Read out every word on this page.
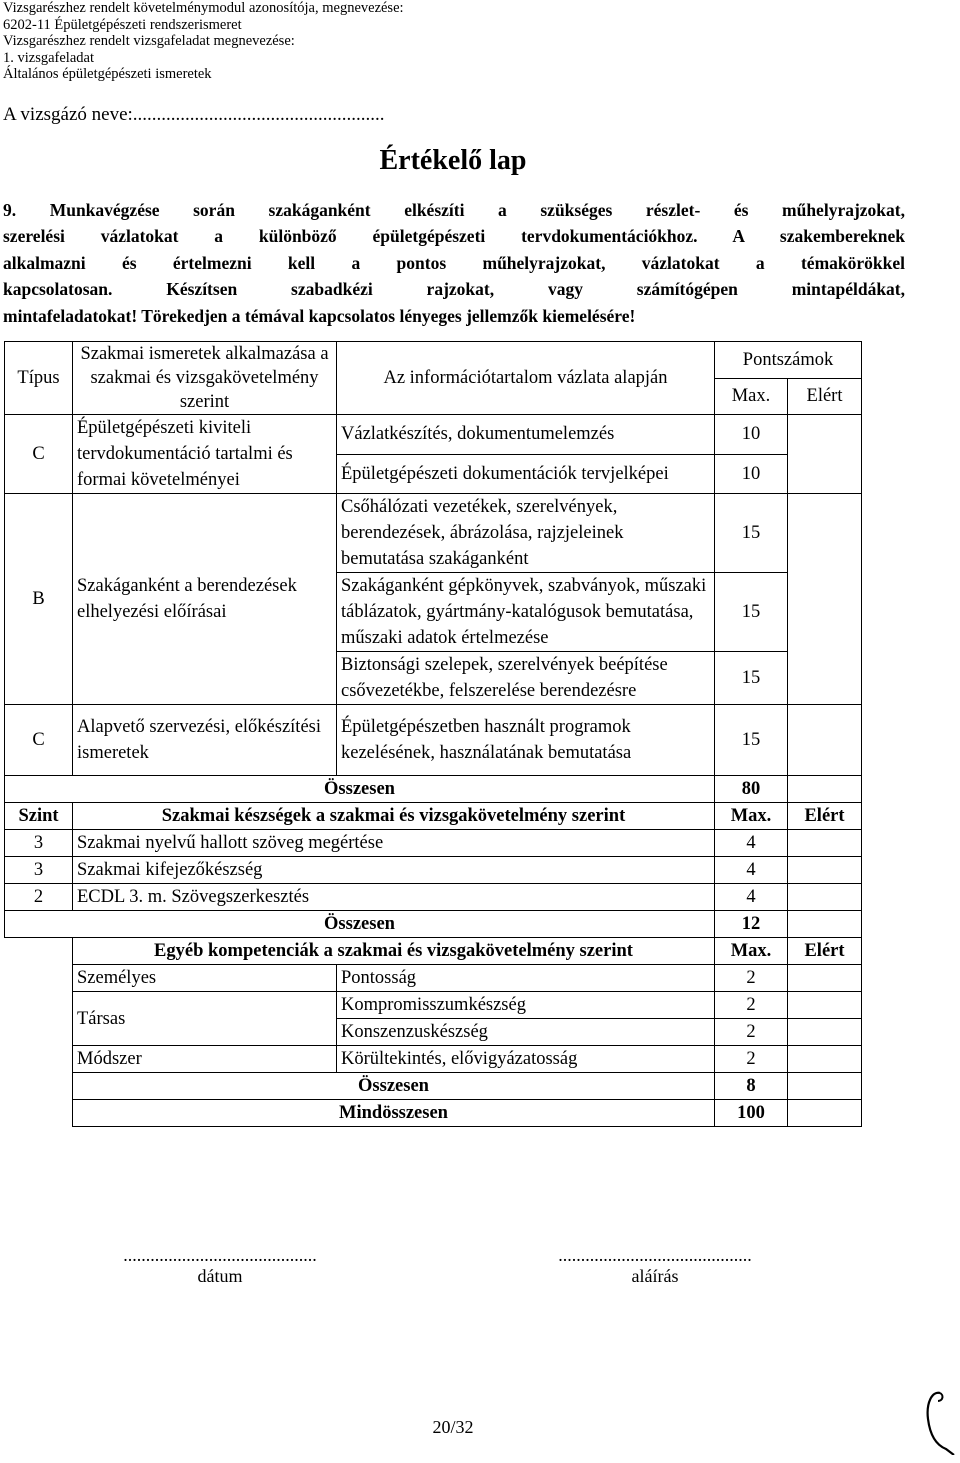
Vizsgarészhez rendelt követelménymodul azonosítója, megnevezése:
6202-11 Épületgépészeti rendszerismeret
Vizsgarészhez rendelt vizsgafeladat megnevezése:
1. vizsgafeladat
Általános épületgépészeti ismeretek
A vizsgázó neve:.....................................................
Értékelő lap
9. Munkavégzése során szakáganként elkészíti a szükséges részlet- és műhelyrajzokat,
szerelési vázlatokat a különböző épületgépészeti tervdokumentációkhoz. A szakembereknek
alkalmazni és értelmezni kell a pontos műhelyrajzokat, vázlatokat a témakörökkel
kapcsolatosan. Készítsen szabadkézi rajzokat, vagy számítógépen mintapéldákat,
mintafeladatokat! Törekedjen a témával kapcsolatos lényeges jellemzők kiemelésére!
Típus	Szakmai ismeretek alkalmazása a szakmai és vizsgakövetelmény szerint	Az információtartalom vázlata alapján	Pontszámok	
			Max.	Elért
C	Épületgépészeti kiviteli tervdokumentáció tartalmi és formai követelményei	Vázlatkészítés, dokumentumelemzés	10	
		Épületgépészeti dokumentációk tervjelképei	10	
B	Szakáganként a berendezések elhelyezési előírásai	Csőhálózati vezetékek, szerelvények, berendezések, ábrázolása, rajzjeleinek bemutatása szakáganként	15	
		Szakáganként gépkönyvek, szabványok, műszaki táblázatok, gyártmány-katalógusok bemutatása, műszaki adatok értelmezése	15	
		Biztonsági szelepek, szerelvények beépítése csővezetékbe, felszerelése berendezésre	15	
C	Alapvető szervezési, előkészítési ismeretek	Épületgépészetben használt programok kezelésének, használatának bemutatása	15	
Összesen			80	
Szint	Szakmai készségek a szakmai és vizsgakövetelmény szerint		Max.	Elért
3	Szakmai nyelvű hallott szöveg megértése		4	
3	Szakmai kifejezőkészség		4	
2	ECDL 3. m. Szövegszerkesztés		4	
Összesen			12	
	Egyéb kompetenciák a szakmai és vizsgakövetelmény szerint		Max.	Elért
	Személyes	Pontosság	2	
	Társas	Kompromisszumkészség	2	
		Konszenzuskészség	2	
	Módszer	Körültekintés, elővigyázatosság	2	
	Összesen		8	
	Mindösszesen		100	
...........................................
dátum
...........................................
aláírás
20/32
